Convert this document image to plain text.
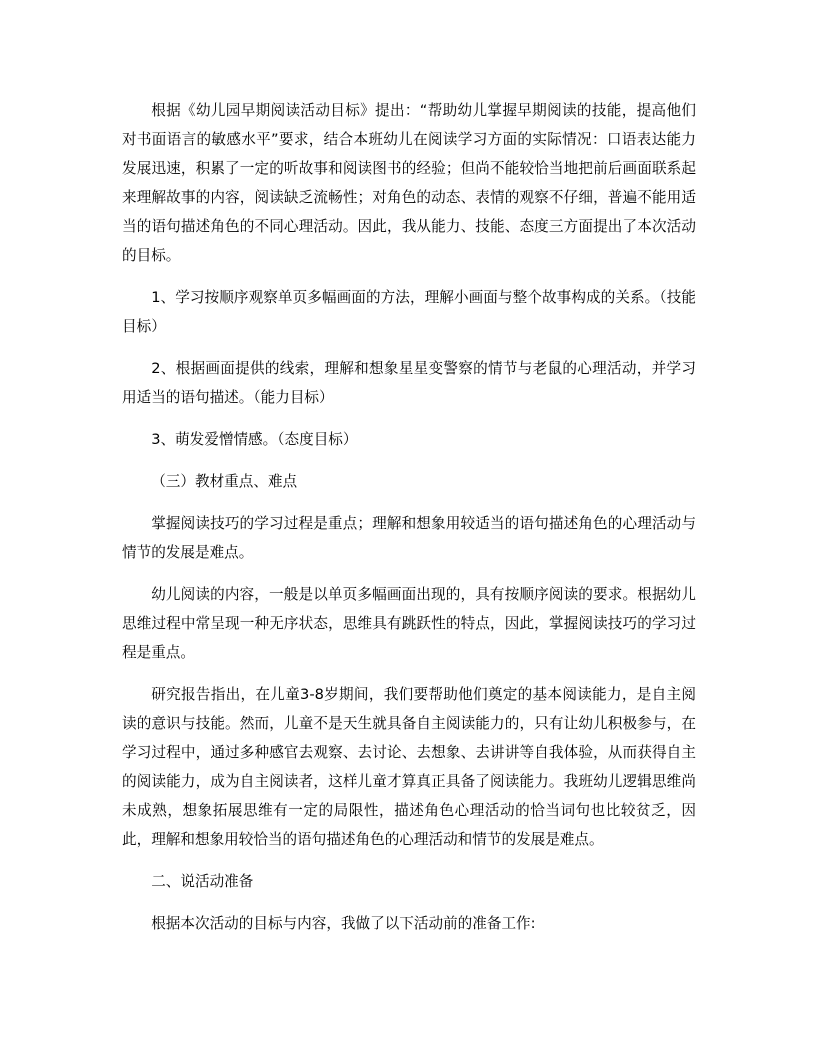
根据《幼儿园早期阅读活动目标》提出：“帮助幼儿掌握早期阅读的技能，提高他们对书面语言的敏感水平”要求，结合本班幼儿在阅读学习方面的实际情况：口语表达能力发展迅速，积累了一定的听故事和阅读图书的经验；但尚不能较恰当地把前后画面联系起来理解故事的内容，阅读缺乏流畅性；对角色的动态、表情的观察不仔细，普遍不能用适当的语句描述角色的不同心理活动。因此，我从能力、技能、态度三方面提出了本次活动的目标。

1、学习按顺序观察单页多幅画面的方法，理解小画面与整个故事构成的关系。（技能目标）

2、根据画面提供的线索，理解和想象星星变警察的情节与老鼠的心理活动，并学习用适当的语句描述。（能力目标）

3、萌发爱憎情感。（态度目标）

（三）教材重点、难点

掌握阅读技巧的学习过程是重点；理解和想象用较适当的语句描述角色的心理活动与情节的发展是难点。

幼儿阅读的内容，一般是以单页多幅画面出现的，具有按顺序阅读的要求。根据幼儿思维过程中常呈现一种无序状态，思维具有跳跃性的特点，因此，掌握阅读技巧的学习过程是重点。

研究报告指出，在儿童3-8岁期间，我们要帮助他们奠定的基本阅读能力，是自主阅读的意识与技能。然而，儿童不是天生就具备自主阅读能力的，只有让幼儿积极参与，在学习过程中，通过多种感官去观察、去讨论、去想象、去讲讲等自我体验，从而获得自主的阅读能力，成为自主阅读者，这样儿童才算真正具备了阅读能力。我班幼儿逻辑思维尚未成熟，想象拓展思维有一定的局限性，描述角色心理活动的恰当词句也比较贫乏，因此，理解和想象用较恰当的语句描述角色的心理活动和情节的发展是难点。

二、说活动准备

根据本次活动的目标与内容，我做了以下活动前的准备工作:
